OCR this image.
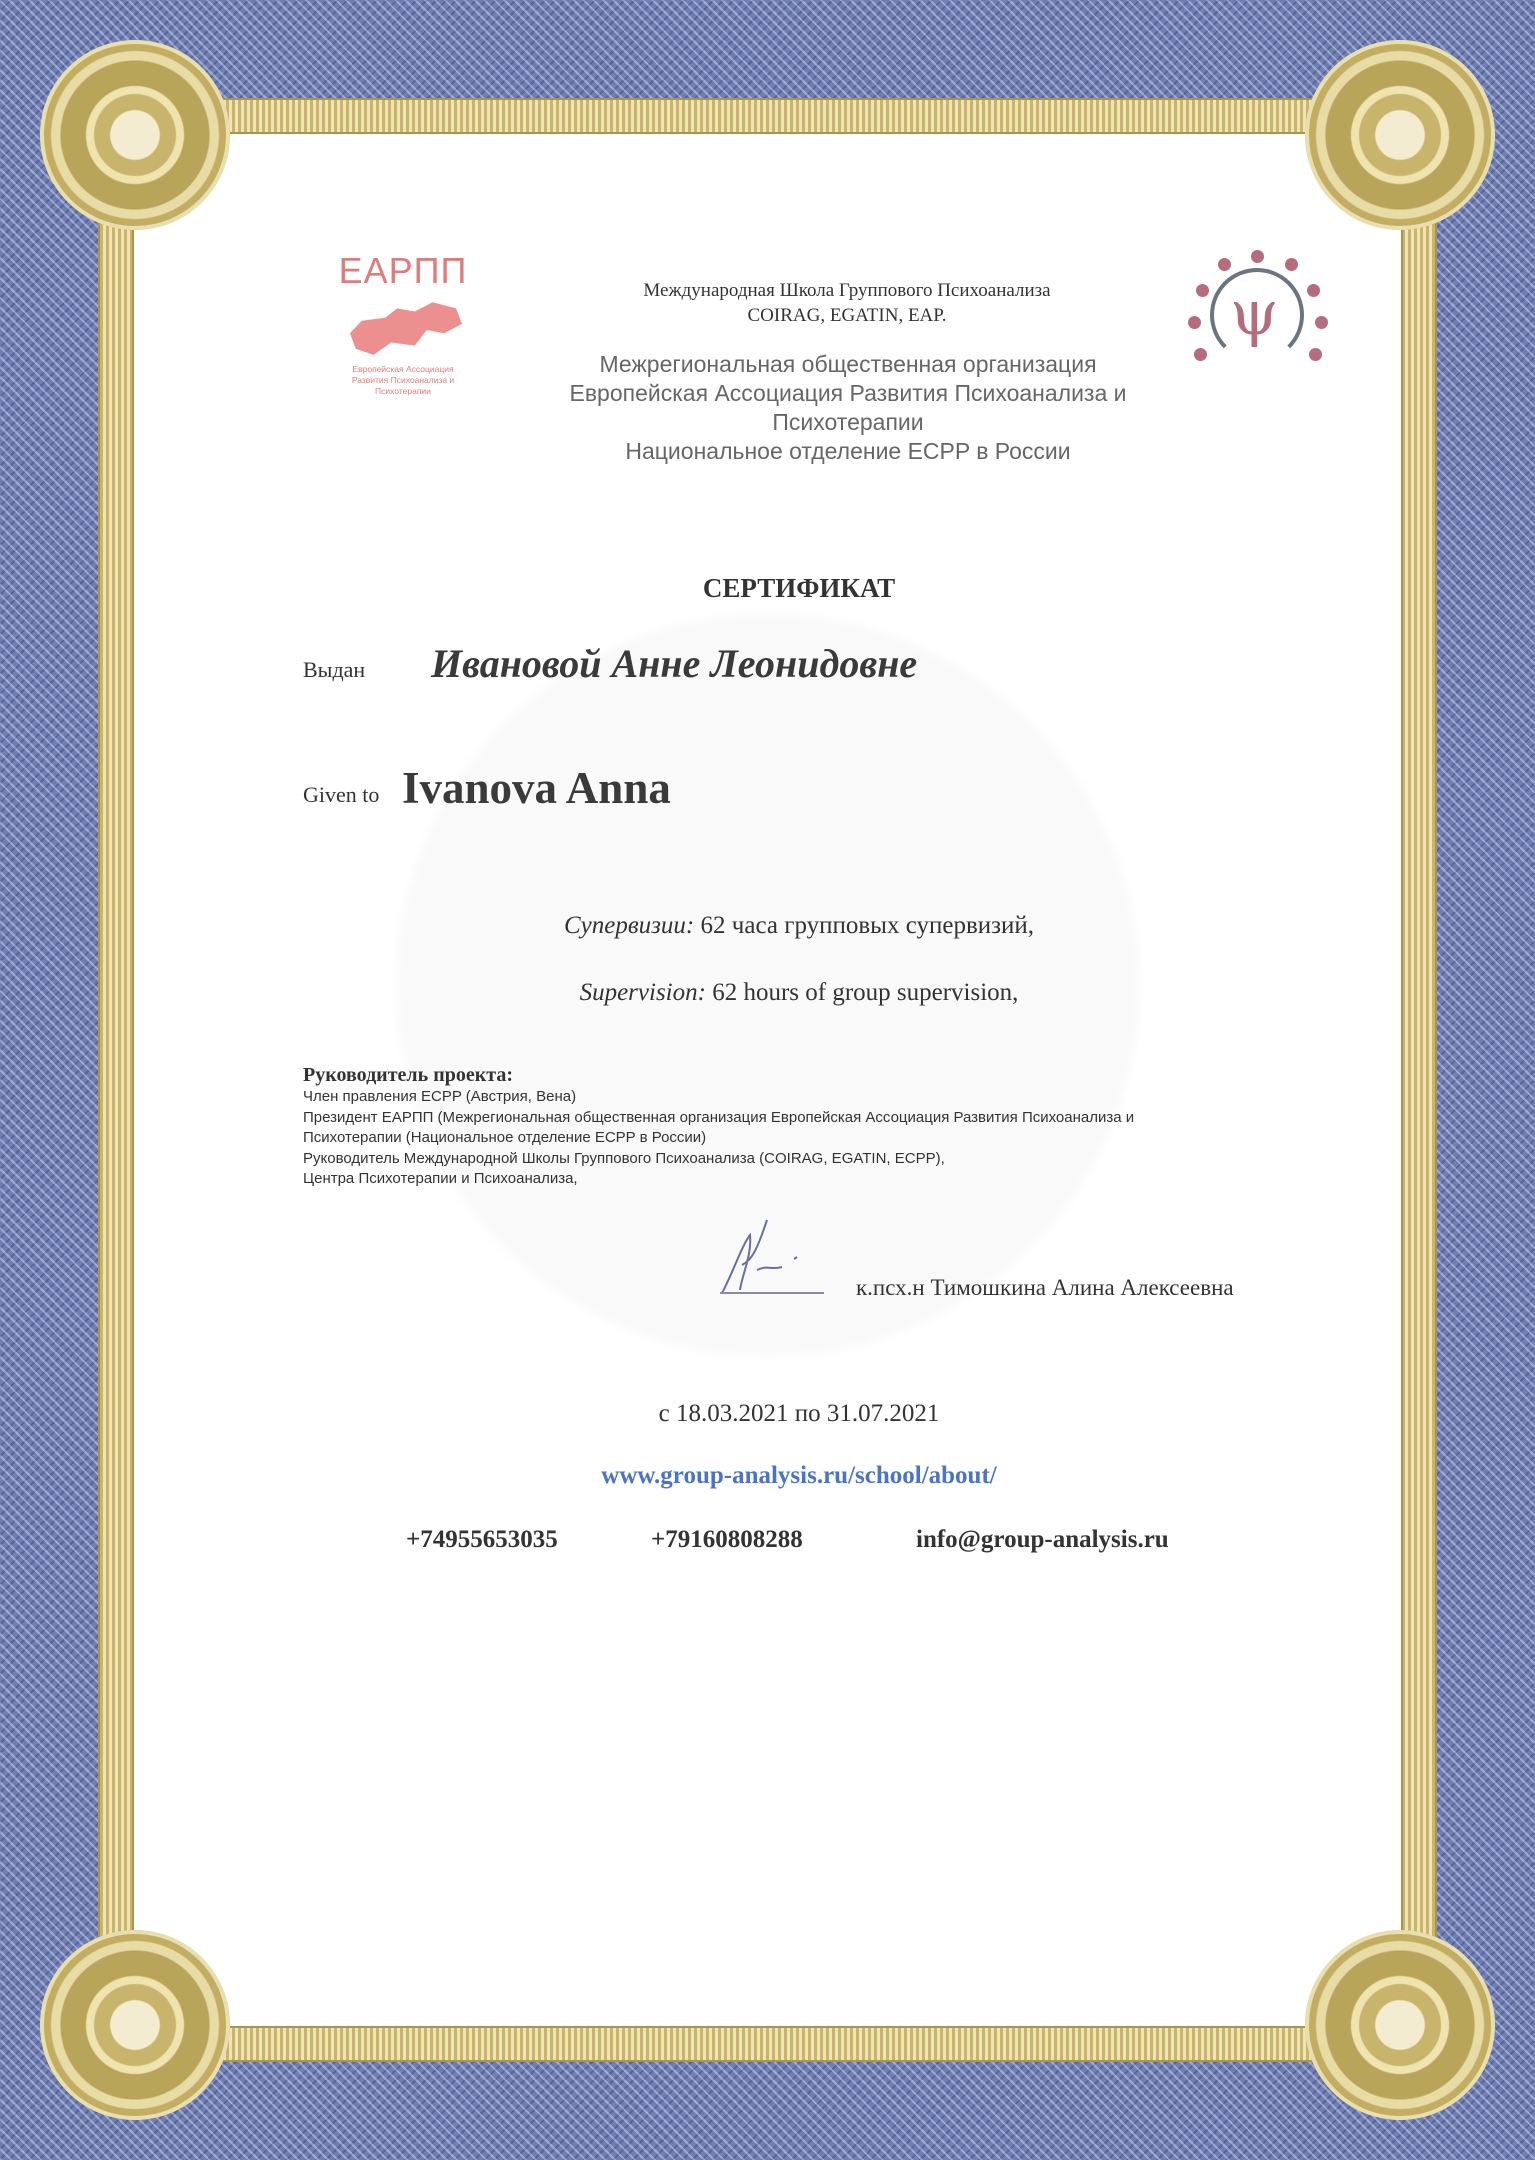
ЕАРПП
Европейская Ассоциация Развития Психоанализа и Психотерапии
ψ
Международная Школа Группового Психоанализа
COIRAG, EGATIN, EAP.
Межрегиональная общественная организация
Европейская Ассоциация Развития Психоанализа и
Психотерапии
Национальное отделение ECPP в России
СЕРТИФИКАТ
Выдан Ивановой Анне Леонидовне
Given to Ivanova Anna
Супервизии: 62 часа групповых супервизий,
Supervision: 62 hours of group supervision,
Руководитель проекта:
Член правления ECPP (Австрия, Вена)
Президент ЕАРПП (Межрегиональная общественная организация Европейская Ассоциация Развития Психоанализа и
Психотерапии (Национальное отделение ECPP в России)
Руководитель Международной Школы Группового Психоанализа (COIRAG, EGATIN, ECPP),
Центра Психотерапии и Психоанализа,
к.псх.н Тимошкина Алина Алексеевна
с 18.03.2021 по 31.07.2021
www.group-analysis.ru/school/about/
+74955653035	+79160808288	info@group-analysis.ru
